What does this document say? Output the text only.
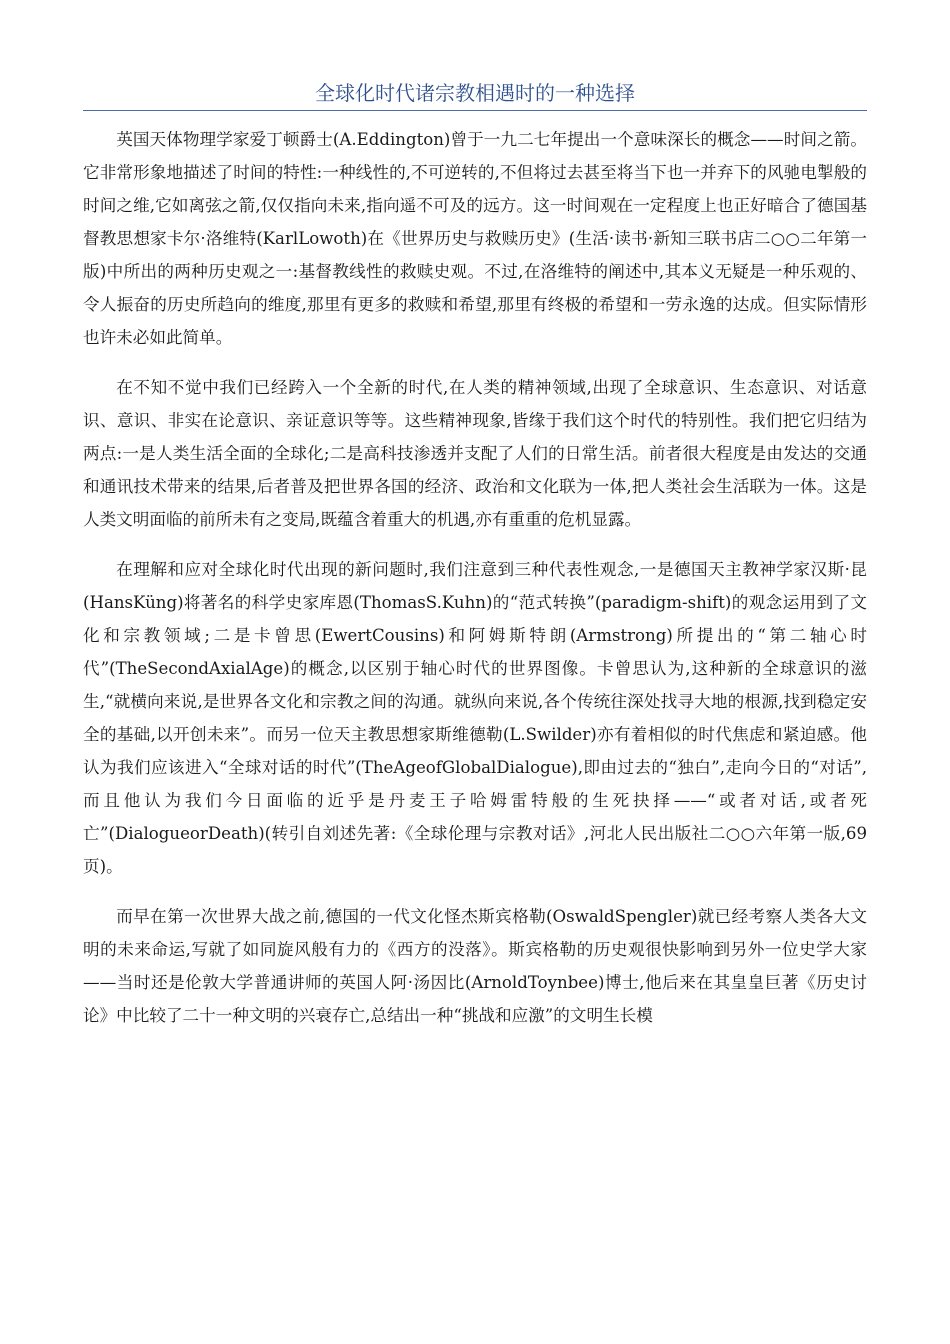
全球化时代诸宗教相遇时的一种选择

英国天体物理学家爱丁顿爵士(A.Eddington)曾于一九二七年提出一个意味深长的概念——时间之箭。它非常形象地描述了时间的特性:一种线性的,不可逆转的,不但将过去甚至将当下也一并弃下的风驰电掣般的时间之维,它如离弦之箭,仅仅指向未来,指向遥不可及的远方。这一时间观在一定程度上也正好暗合了德国基督教思想家卡尔·洛维特(KarlLowoth)在《世界历史与救赎历史》(生活·读书·新知三联书店二○○二年第一版)中所出的两种历史观之一:基督教线性的救赎史观。不过,在洛维特的阐述中,其本义无疑是一种乐观的、令人振奋的历史所趋向的维度,那里有更多的救赎和希望,那里有终极的希望和一劳永逸的达成。但实际情形也许未必如此简单。

在不知不觉中我们已经跨入一个全新的时代,在人类的精神领域,出现了全球意识、生态意识、对话意识、意识、非实在论意识、亲证意识等等。这些精神现象,皆缘于我们这个时代的特别性。我们把它归结为两点:一是人类生活全面的全球化;二是高科技渗透并支配了人们的日常生活。前者很大程度是由发达的交通和通讯技术带来的结果,后者普及把世界各国的经济、政治和文化联为一体,把人类社会生活联为一体。这是人类文明面临的前所未有之变局,既蕴含着重大的机遇,亦有重重的危机显露。

在理解和应对全球化时代出现的新问题时,我们注意到三种代表性观念,一是德国天主教神学家汉斯·昆(HansKüng)将著名的科学史家库恩(ThomasS.Kuhn)的“范式转换”(paradigm-shift)的观念运用到了文化和宗教领域;二是卡曾思(EwertCousins)和阿姆斯特朗(Armstrong)所提出的“第二轴心时代”(TheSecondAxialAge)的概念,以区别于轴心时代的世界图像。卡曾思认为,这种新的全球意识的滋生,“就横向来说,是世界各文化和宗教之间的沟通。就纵向来说,各个传统往深处找寻大地的根源,找到稳定安全的基础,以开创未来”。而另一位天主教思想家斯维德勒(L.Swilder)亦有着相似的时代焦虑和紧迫感。他认为我们应该进入“全球对话的时代”(TheAgeofGlobalDialogue),即由过去的“独白”,走向今日的“对话”,而且他认为我们今日面临的近乎是丹麦王子哈姆雷特般的生死抉择——“或者对话,或者死亡”(DialogueorDeath)(转引自刘述先著:《全球伦理与宗教对话》,河北人民出版社二○○六年第一版,69页)。

而早在第一次世界大战之前,德国的一代文化怪杰斯宾格勒(OswaldSpengler)就已经考察人类各大文明的未来命运,写就了如同旋风般有力的《西方的没落》。斯宾格勒的历史观很快影响到另外一位史学大家——当时还是伦敦大学普通讲师的英国人阿·汤因比(ArnoldToynbee)博士,他后来在其皇皇巨著《历史讨论》中比较了二十一种文明的兴衰存亡,总结出一种“挑战和应激”的文明生长模
